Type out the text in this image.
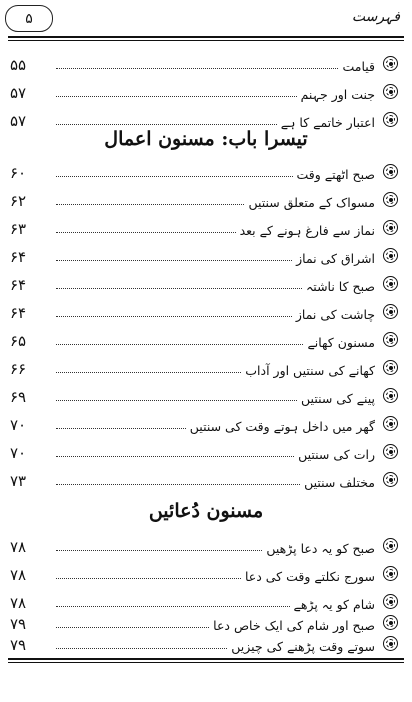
۵	فہرست
قیامت
۵۵
جنت اور جہنم
۵۷
اعتبار خاتمے کا ہے
۵۷
تیسرا باب: مسنون اعمال
صبح اٹھتے وقت
۶۰
مسواک کے متعلق سنتیں
۶۲
نماز سے فارغ ہونے کے بعد
۶۳
اشراق کی نماز
۶۴
صبح کا ناشتہ
۶۴
چاشت کی نماز
۶۴
مسنون کھانے
۶۵
کھانے کی سنتیں اور آداب
۶۶
پینے کی سنتیں
۶۹
گھر میں داخل ہوتے وقت کی سنتیں
۷۰
رات کی سنتیں
۷۰
مختلف سنتیں
۷۳
مسنون دُعائیں
صبح کو یہ دعا پڑھیں
۷۸
سورج نکلتے وقت کی دعا
۷۸
شام کو یہ پڑھے
۷۸
صبح اور شام کی ایک خاص دعا
۷۹
سوتے وقت پڑھنے کی چیزیں
۷۹
